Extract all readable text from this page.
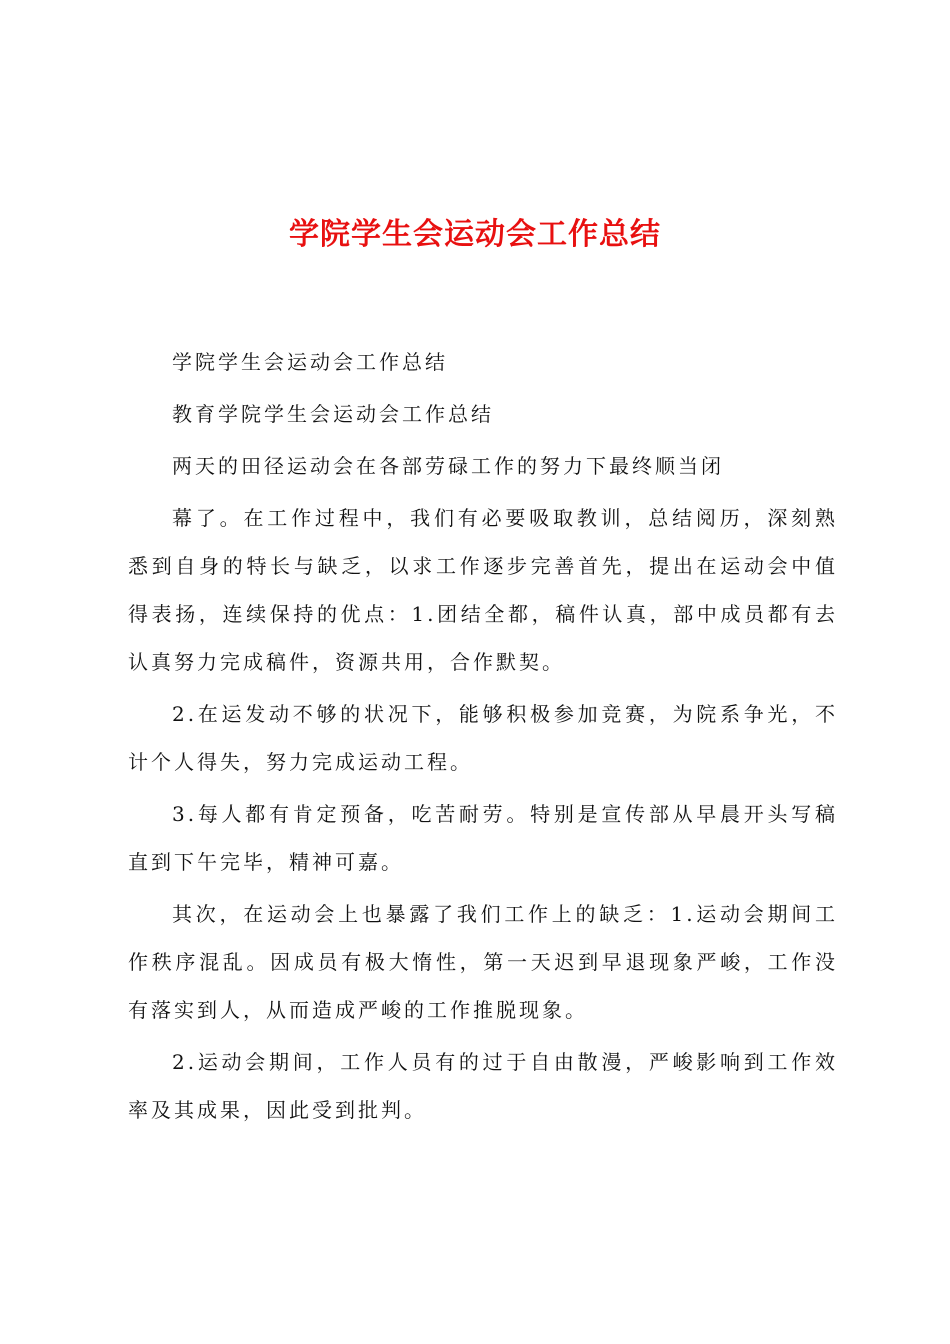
学院学生会运动会工作总结

学院学生会运动会工作总结

教育学院学生会运动会工作总结

两天的田径运动会在各部劳碌工作的努力下最终顺当闭

幕了。在工作过程中，我们有必要吸取教训，总结阅历，深刻熟悉到自身的特长与缺乏，以求工作逐步完善首先，提出在运动会中值得表扬，连续保持的优点：1.团结全都，稿件认真，部中成员都有去认真努力完成稿件，资源共用，合作默契。

2.在运发动不够的状况下，能够积极参加竞赛，为院系争光，不计个人得失，努力完成运动工程。

3.每人都有肯定预备，吃苦耐劳。特别是宣传部从早晨开头写稿直到下午完毕，精神可嘉。

其次，在运动会上也暴露了我们工作上的缺乏：1.运动会期间工作秩序混乱。因成员有极大惰性，第一天迟到早退现象严峻，工作没有落实到人，从而造成严峻的工作推脱现象。

2.运动会期间，工作人员有的过于自由散漫，严峻影响到工作效率及其成果，因此受到批判。
